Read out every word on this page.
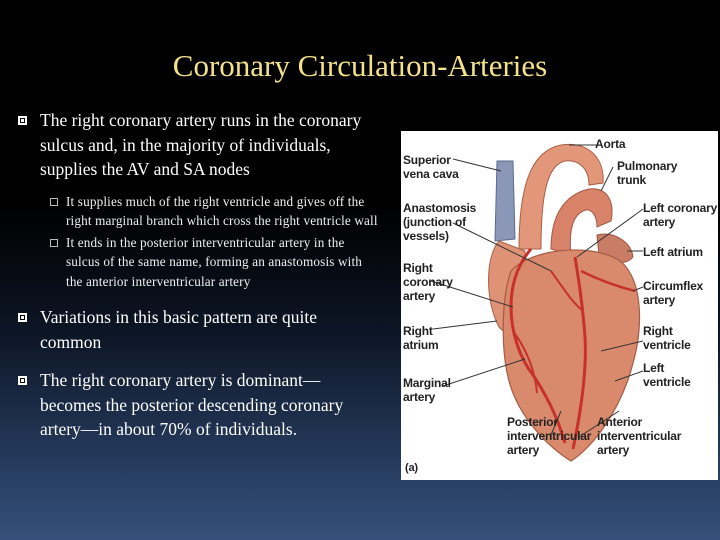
Coronary Circulation-Arteries
The right coronary artery runs in the coronary sulcus and, in the majority of individuals, supplies the AV and SA nodes
It supplies much of the right ventricle and gives off the right marginal branch which cross the right ventricle wall
It ends in the posterior interventricular artery in the sulcus of the same name, forming an anastomosis with the anterior interventricular artery
Variations in this basic pattern are quite common
The right coronary artery is dominant—becomes the posterior descending coronary artery—in about 70% of individuals.
Superior
vena cava
Anastomosis
(junction of
vessels)
Right
coronary
artery
Right
atrium
Marginal
artery
Aorta
Pulmonary
trunk
Left coronary
artery
Left atrium
Circumflex
artery
Right
ventricle
Left
ventricle
Posterior
interventricular
artery
Anterior
interventricular
artery
(a)
